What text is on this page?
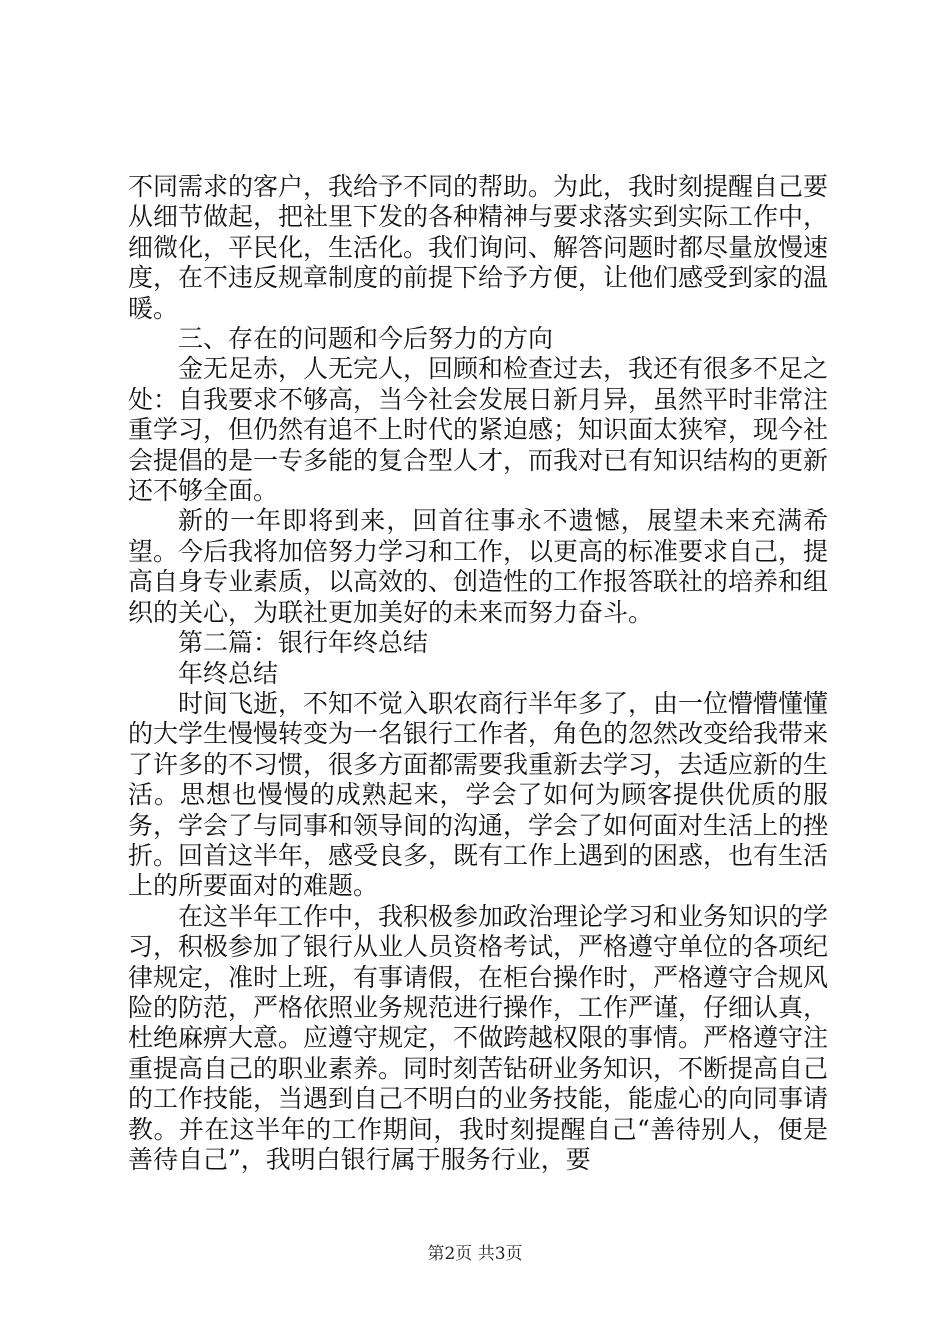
不同需求的客户，我给予不同的帮助。为此，我时刻提醒自己要从细节做起，把社里下发的各种精神与要求落实到实际工作中，细微化，平民化，生活化。我们询问、解答问题时都尽量放慢速度，在不违反规章制度的前提下给予方便，让他们感受到家的温暖。

三、存在的问题和今后努力的方向

金无足赤，人无完人，回顾和检查过去，我还有很多不足之处：自我要求不够高，当今社会发展日新月异，虽然平时非常注重学习，但仍然有追不上时代的紧迫感；知识面太狭窄，现今社会提倡的是一专多能的复合型人才，而我对已有知识结构的更新还不够全面。

新的一年即将到来，回首往事永不遗憾，展望未来充满希望。今后我将加倍努力学习和工作，以更高的标准要求自己，提高自身专业素质，以高效的、创造性的工作报答联社的培养和组织的关心，为联社更加美好的未来而努力奋斗。

第二篇：银行年终总结

年终总结

时间飞逝，不知不觉入职农商行半年多了，由一位懵懵懂懂的大学生慢慢转变为一名银行工作者，角色的忽然改变给我带来了许多的不习惯，很多方面都需要我重新去学习，去适应新的生活。思想也慢慢的成熟起来，学会了如何为顾客提供优质的服务，学会了与同事和领导间的沟通，学会了如何面对生活上的挫折。回首这半年，感受良多，既有工作上遇到的困惑，也有生活上的所要面对的难题。

在这半年工作中，我积极参加政治理论学习和业务知识的学习，积极参加了银行从业人员资格考试，严格遵守单位的各项纪律规定，准时上班，有事请假，在柜台操作时，严格遵守合规风险的防范，严格依照业务规范进行操作，工作严谨，仔细认真，杜绝麻痹大意。应遵守规定，不做跨越权限的事情。严格遵守注重提高自己的职业素养。同时刻苦钻研业务知识，不断提高自己的工作技能，当遇到自己不明白的业务技能，能虚心的向同事请教。并在这半年的工作期间，我时刻提醒自己“善待别人，便是善待自己”，我明白银行属于服务行业，要

第2页 共3页
